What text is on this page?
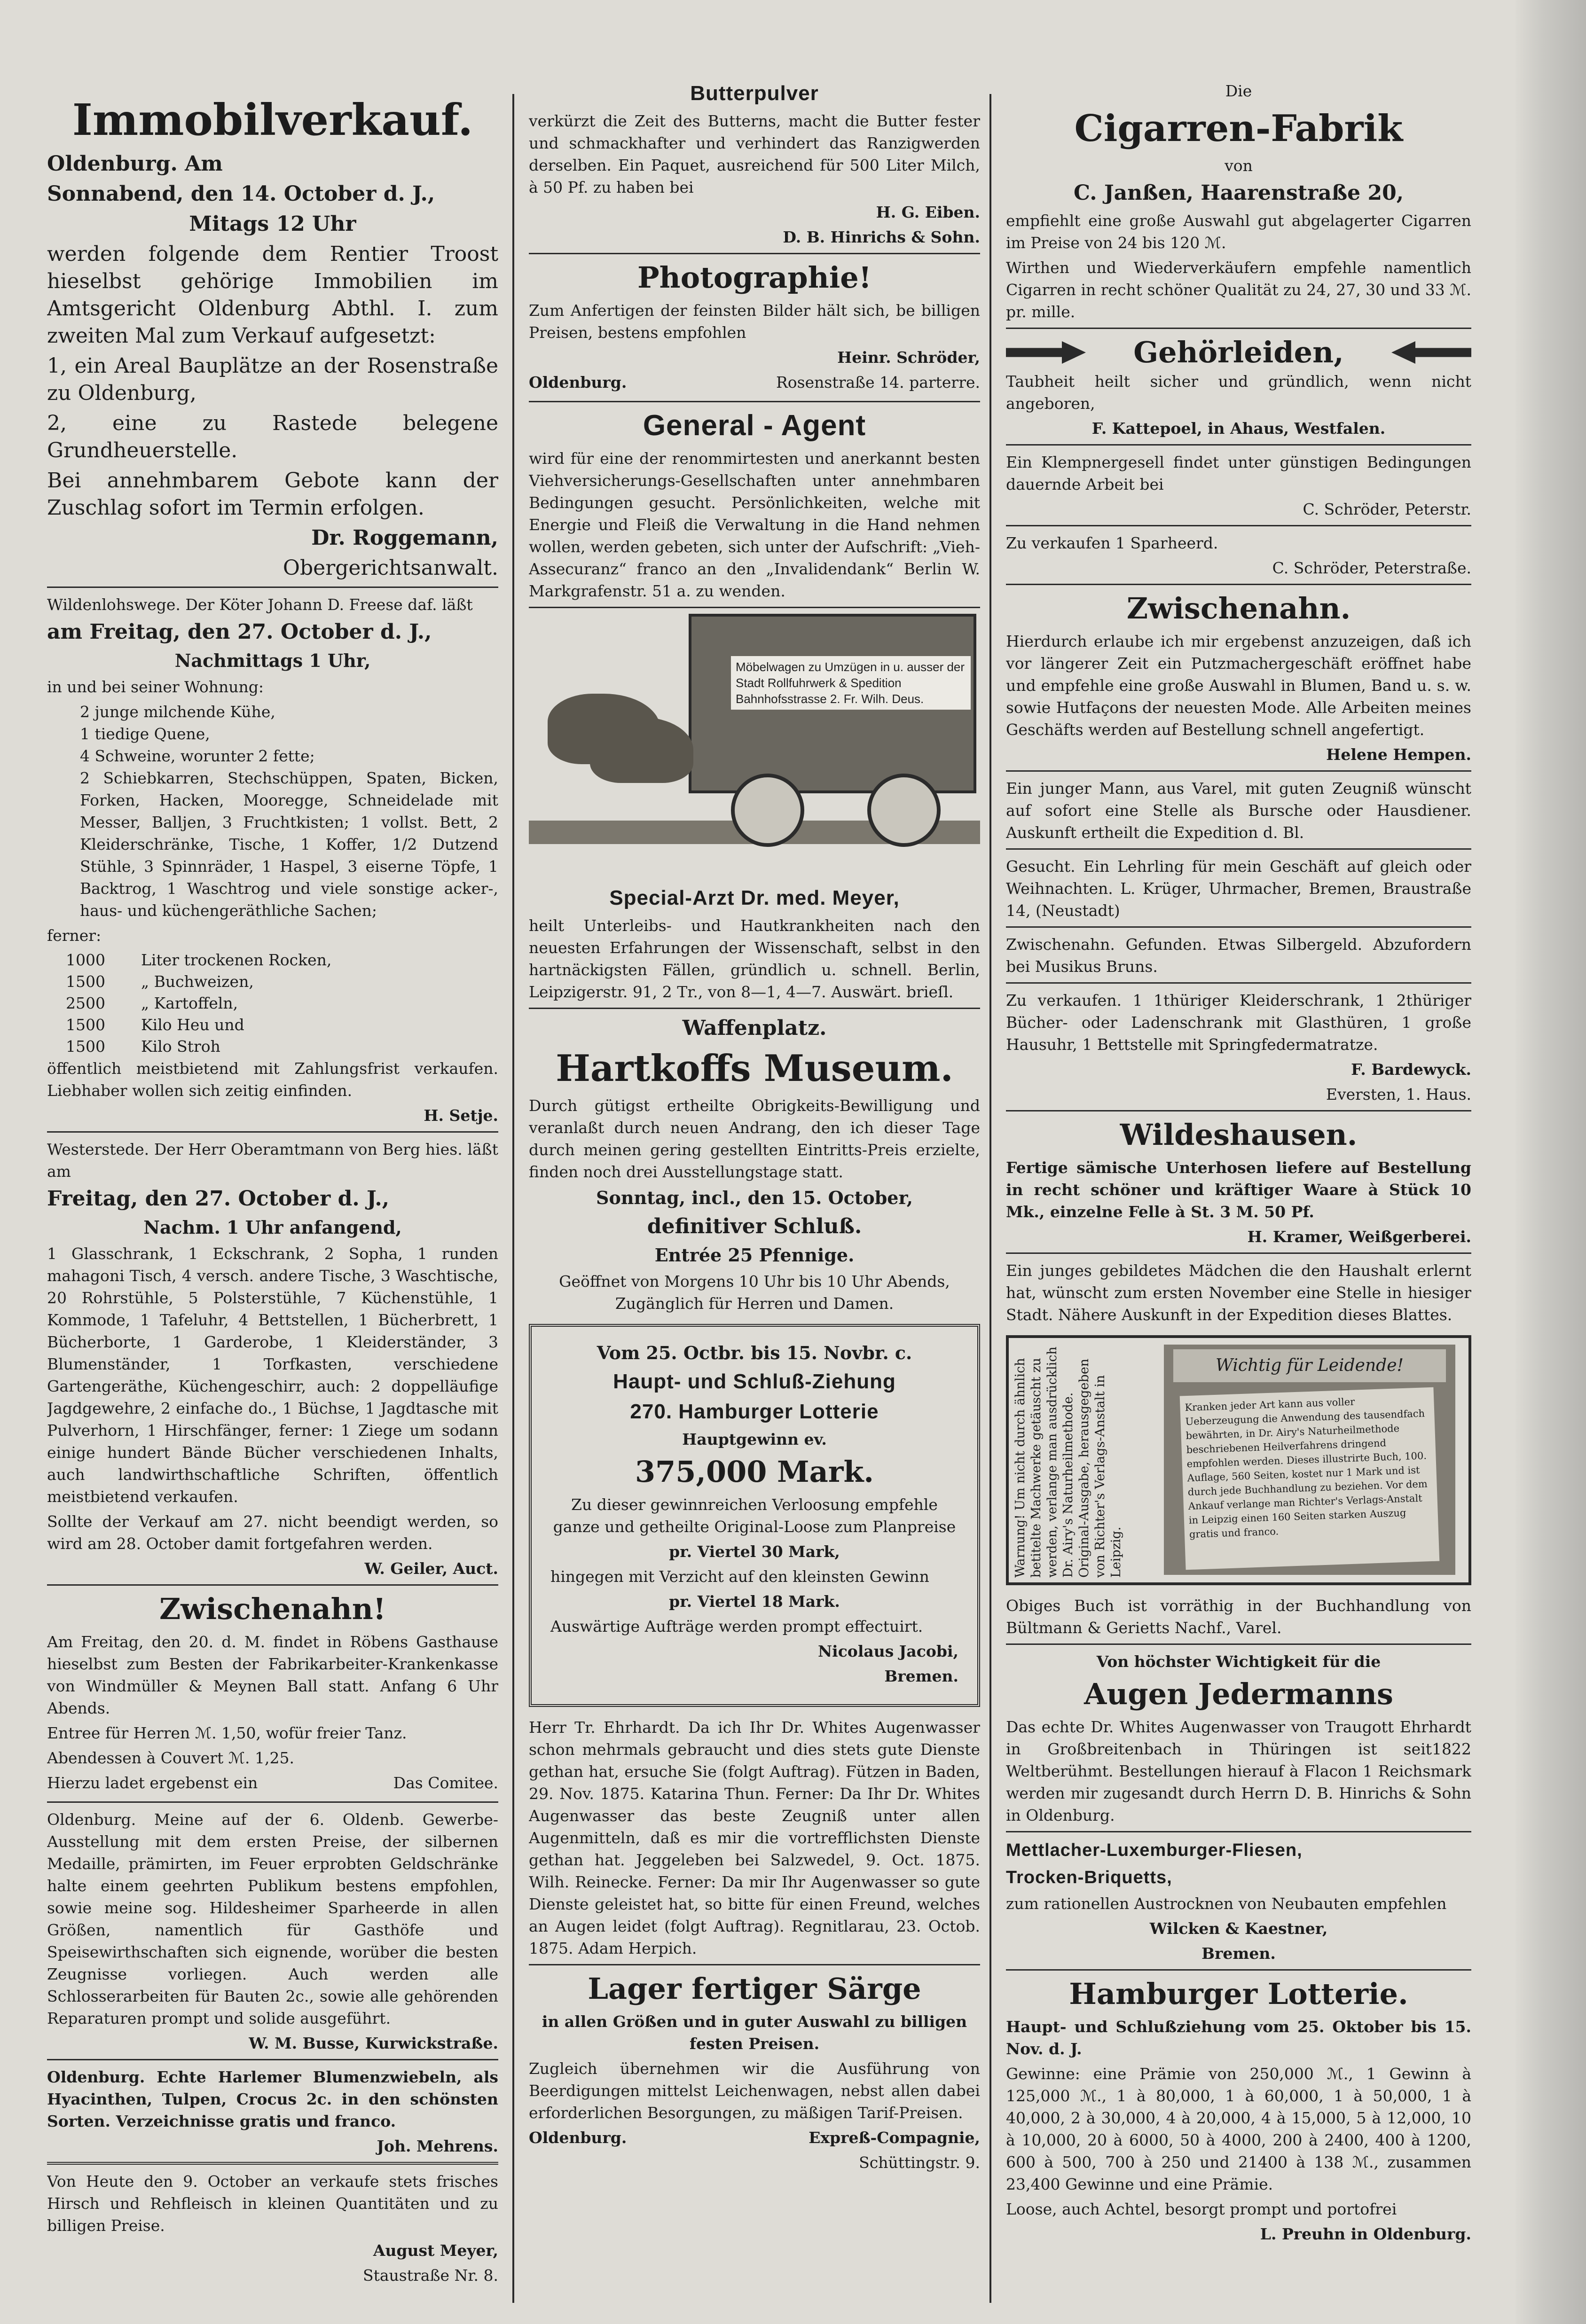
Immobilverkauf.

Oldenburg. Am

Sonnabend, den 14. October d. J.,

Mitags 12 Uhr

werden folgende dem Rentier Troost hieselbst gehörige Immobilien im Amtsgericht Oldenburg Abthl. I. zum zweiten Mal zum Verkauf aufgesetzt:

1, ein Areal Bauplätze an der Rosenstraße zu Oldenburg,

2, eine zu Rastede belegene Grundheuerstelle.

Bei annehmbarem Gebote kann der Zuschlag sofort im Termin erfolgen.

Dr. Roggemann,

Obergerichtsanwalt.

Wildenlohswege. Der Köter Johann D. Freese daf. läßt

am Freitag, den 27. October d. J.,

Nachmittags 1 Uhr,

in und bei seiner Wohnung:

2 junge milchende Kühe,
1 tiedige Quene,
4 Schweine, worunter 2 fette;
2 Schiebkarren, Stechschüppen, Spaten, Bicken, Forken, Hacken, Mooregge, Schneidelade mit Messer, Balljen, 3 Fruchtkisten; 1 vollst. Bett, 2 Kleiderschränke, Tische, 1 Koffer, 1/2 Dutzend Stühle, 3 Spinnräder, 1 Haspel, 3 eiserne Töpfe, 1 Backtrog, 1 Waschtrog und viele sonstige acker-, haus- und küchengeräthliche Sachen;

ferner:

1000	Liter trockenen Rocken,
1500	„ Buchweizen,
2500	„ Kartoffeln,
1500	Kilo Heu und
1500	Kilo Stroh

öffentlich meistbietend mit Zahlungsfrist verkaufen. Liebhaber wollen sich zeitig einfinden.

H. Setje.

Westerstede. Der Herr Oberamtmann von Berg hies. läßt am

Freitag, den 27. October d. J.,

Nachm. 1 Uhr anfangend,

1 Glasschrank, 1 Eckschrank, 2 Sopha, 1 runden mahagoni Tisch, 4 versch. andere Tische, 3 Waschtische, 20 Rohrstühle, 5 Polsterstühle, 7 Küchenstühle, 1 Kommode, 1 Tafeluhr, 4 Bettstellen, 1 Bücherbrett, 1 Bücherborte, 1 Garderobe, 1 Kleiderständer, 3 Blumenständer, 1 Torfkasten, verschiedene Gartengeräthe, Küchengeschirr, auch: 2 doppelläufige Jagdgewehre, 2 einfache do., 1 Büchse, 1 Jagdtasche mit Pulverhorn, 1 Hirschfänger, ferner: 1 Ziege um sodann einige hundert Bände Bücher verschiedenen Inhalts, auch landwirthschaftliche Schriften, öffentlich meistbietend verkaufen.

Sollte der Verkauf am 27. nicht beendigt werden, so wird am 28. October damit fortgefahren werden.

W. Geiler, Auct.

Zwischenahn!

Am Freitag, den 20. d. M. findet in Röbens Gasthause hieselbst zum Besten der Fabrikarbeiter-Krankenkasse von Windmüller & Meynen Ball statt. Anfang 6 Uhr Abends.

Entree für Herren ℳ. 1,50, wofür freier Tanz.

Abendessen à Couvert ℳ. 1,25.

Hierzu ladet ergebenst ein	Das Comitee.

Oldenburg. Meine auf der 6. Oldenb. Gewerbe-Ausstellung mit dem ersten Preise, der silbernen Medaille, prämirten, im Feuer erprobten Geldschränke halte einem geehrten Publikum bestens empfohlen, sowie meine sog. Hildesheimer Sparheerde in allen Größen, namentlich für Gasthöfe und Speisewirthschaften sich eignende, worüber die besten Zeugnisse vorliegen. Auch werden alle Schlosserarbeiten für Bauten 2c., sowie alle gehörenden Reparaturen prompt und solide ausgeführt.

W. M. Busse, Kurwickstraße.

Oldenburg. Echte Harlemer Blumenzwiebeln, als Hyacinthen, Tulpen, Crocus 2c. in den schönsten Sorten. Verzeichnisse gratis und franco.

Joh. Mehrens.

Von Heute den 9. October an verkaufe stets frisches Hirsch und Rehfleisch in kleinen Quantitäten und zu billigen Preise.

August Meyer,

Staustraße Nr. 8.

Butterpulver

verkürzt die Zeit des Butterns, macht die Butter fester und schmackhafter und verhindert das Ranzigwerden derselben. Ein Paquet, ausreichend für 500 Liter Milch, à 50 Pf. zu haben bei

H. G. Eiben.

D. B. Hinrichs & Sohn.

Photographie!

Zum Anfertigen der feinsten Bilder hält sich, be billigen Preisen, bestens empfohlen

Heinr. Schröder,

Oldenburg.	Rosenstraße 14. parterre.

General - Agent

wird für eine der renommirtesten und anerkannt besten Viehversicherungs-Gesellschaften unter annehmbaren Bedingungen gesucht. Persönlichkeiten, welche mit Energie und Fleiß die Verwaltung in die Hand nehmen wollen, werden gebeten, sich unter der Aufschrift: „Vieh-Assecuranz“ franco an den „Invalidendank“ Berlin W. Markgrafenstr. 51 a. zu wenden.

Möbelwagen zu Umzügen in u. ausser der Stadt Rollfuhrwerk & Spedition Bahnhofsstrasse 2. Fr. Wilh. Deus.

Special-Arzt Dr. med. Meyer,

heilt Unterleibs- und Hautkrankheiten nach den neuesten Erfahrungen der Wissenschaft, selbst in den hartnäckigsten Fällen, gründlich u. schnell. Berlin, Leipzigerstr. 91, 2 Tr., von 8—1, 4—7. Auswärt. brieſl.

Waffenplatz.

Hartkoffs Museum.

Durch gütigst ertheilte Obrigkeits-Bewilligung und veranlaßt durch neuen Andrang, den ich dieser Tage durch meinen gering gestellten Eintritts-Preis erzielte, finden noch drei Ausstellungstage statt.

Sonntag, incl., den 15. October,

definitiver Schluß.

Entrée 25 Pfennige.

Geöffnet von Morgens 10 Uhr bis 10 Uhr Abends, Zugänglich für Herren und Damen.

Vom 25. Octbr. bis 15. Novbr. c.

Haupt- und Schluß-Ziehung

270. Hamburger Lotterie

Hauptgewinn ev.

375,000 Mark.

Zu dieser gewinnreichen Verloosung empfehle ganze und getheilte Original-Loose zum Planpreise

pr. Viertel 30 Mark,

hingegen mit Verzicht auf den kleinsten Gewinn

pr. Viertel 18 Mark.

Auswärtige Aufträge werden prompt effectuirt.

Nicolaus Jacobi,

Bremen.

Herr Tr. Ehrhardt. Da ich Ihr Dr. Whites Augenwasser schon mehrmals gebraucht und dies stets gute Dienste gethan hat, ersuche Sie (folgt Auftrag). Fützen in Baden, 29. Nov. 1875. Katarina Thun. Ferner: Da Ihr Dr. Whites Augenwasser das beste Zeugniß unter allen Augenmitteln, daß es mir die vortrefflichsten Dienste gethan hat. Jeggeleben bei Salzwedel, 9. Oct. 1875. Wilh. Reinecke. Ferner: Da mir Ihr Augenwasser so gute Dienste geleistet hat, so bitte für einen Freund, welches an Augen leidet (folgt Auftrag). Regnitlarau, 23. Octob. 1875. Adam Herpich.

Lager fertiger Särge

in allen Größen und in guter Auswahl zu billigen festen Preisen.

Zugleich übernehmen wir die Ausführung von Beerdigungen mittelst Leichenwagen, nebst allen dabei erforderlichen Besorgungen, zu mäßigen Tarif-Preisen.

Oldenburg.	Expreß-Compagnie,

Schüttingstr. 9.

Die

Cigarren-Fabrik

von

C. Janßen, Haarenstraße 20,

empfiehlt eine große Auswahl gut abgelagerter Cigarren im Preise von 24 bis 120 ℳ.

Wirthen und Wiederverkäufern empfehle namentlich Cigarren in recht schöner Qualität zu 24, 27, 30 und 33 ℳ. pr. mille.

Gehörleiden,

Taubheit heilt sicher und gründlich, wenn nicht angeboren,

F. Kattepoel, in Ahaus, Westfalen.

Ein Klempnergesell findet unter günstigen Bedingungen dauernde Arbeit bei

C. Schröder, Peterstr.

Zu verkaufen 1 Sparheerd.

C. Schröder, Peterstraße.

Zwischenahn.

Hierdurch erlaube ich mir ergebenst anzuzeigen, daß ich vor längerer Zeit ein Putzmachergeschäft eröffnet habe und empfehle eine große Auswahl in Blumen, Band u. s. w. sowie Hutfaçons der neuesten Mode. Alle Arbeiten meines Geschäfts werden auf Bestellung schnell angefertigt.

Helene Hempen.

Ein junger Mann, aus Varel, mit guten Zeugniß wünscht auf sofort eine Stelle als Bursche oder Hausdiener. Auskunft ertheilt die Expedition d. Bl.

Gesucht. Ein Lehrling für mein Geschäft auf gleich oder Weihnachten. L. Krüger, Uhrmacher, Bremen, Braustraße 14, (Neustadt)

Zwischenahn. Gefunden. Etwas Silbergeld. Abzufordern bei Musikus Bruns.

Zu verkaufen. 1 1thüriger Kleiderschrank, 1 2thüriger Bücher- oder Ladenschrank mit Glasthüren, 1 große Hausuhr, 1 Bettstelle mit Springfedermatratze.

F. Bardewyck.

Eversten, 1. Haus.

Wildeshausen.

Fertige sämische Unterhosen liefere auf Bestellung in recht schöner und kräftiger Waare à Stück 10 Mk., einzelne Felle à St. 3 M. 50 Pf.

H. Kramer, Weißgerberei.

Ein junges gebildetes Mädchen die den Haushalt erlernt hat, wünscht zum ersten November eine Stelle in hiesiger Stadt. Nähere Auskunft in der Expedition dieses Blattes.

Warnung! Um nicht durch ähnlich betitelte Machwerke getäuscht zu werden, verlange man ausdrücklich Dr. Airy's Naturheilmethode. Original-Ausgabe, herausgegeben von Richter's Verlags-Anstalt in Leipzig.
Wichtig für Leidende!
Kranken jeder Art kann aus voller Ueberzeugung die Anwendung des tausendfach bewährten, in Dr. Airy's Naturheilmethode beschriebenen Heilverfahrens dringend empfohlen werden. Dieses illustrirte Buch, 100. Auflage, 560 Seiten, kostet nur 1 Mark und ist durch jede Buchhandlung zu beziehen. Vor dem Ankauf verlange man Richter's Verlags-Anstalt in Leipzig einen 160 Seiten starken Auszug gratis und franco.

Obiges Buch ist vorräthig in der Buchhandlung von Bültmann & Gerietts Nachf., Varel.

Von höchster Wichtigkeit für die

Augen Jedermanns

Das echte Dr. Whites Augenwasser von Traugott Ehrhardt in Großbreitenbach in Thüringen ist seit1822 Weltberühmt. Bestellungen hierauf à Flacon 1 Reichsmark werden mir zugesandt durch Herrn D. B. Hinrichs & Sohn in Oldenburg.

Mettlacher-Luxemburger-Fliesen,

Trocken-Briquetts,

zum rationellen Austrocknen von Neubauten empfehlen

Wilcken & Kaestner,

Bremen.

Hamburger Lotterie.

Haupt- und Schlußziehung vom 25. Oktober bis 15. Nov. d. J.

Gewinne: eine Prämie von 250,000 ℳ., 1 Gewinn à 125,000 ℳ., 1 à 80,000, 1 à 60,000, 1 à 50,000, 1 à 40,000, 2 à 30,000, 4 à 20,000, 4 à 15,000, 5 à 12,000, 10 à 10,000, 20 à 6000, 50 à 4000, 200 à 2400, 400 à 1200, 600 à 500, 700 à 250 und 21400 à 138 ℳ., zusammen 23,400 Gewinne und eine Prämie.

Loose, auch Achtel, besorgt prompt und portofrei

L. Preuhn in Oldenburg.
